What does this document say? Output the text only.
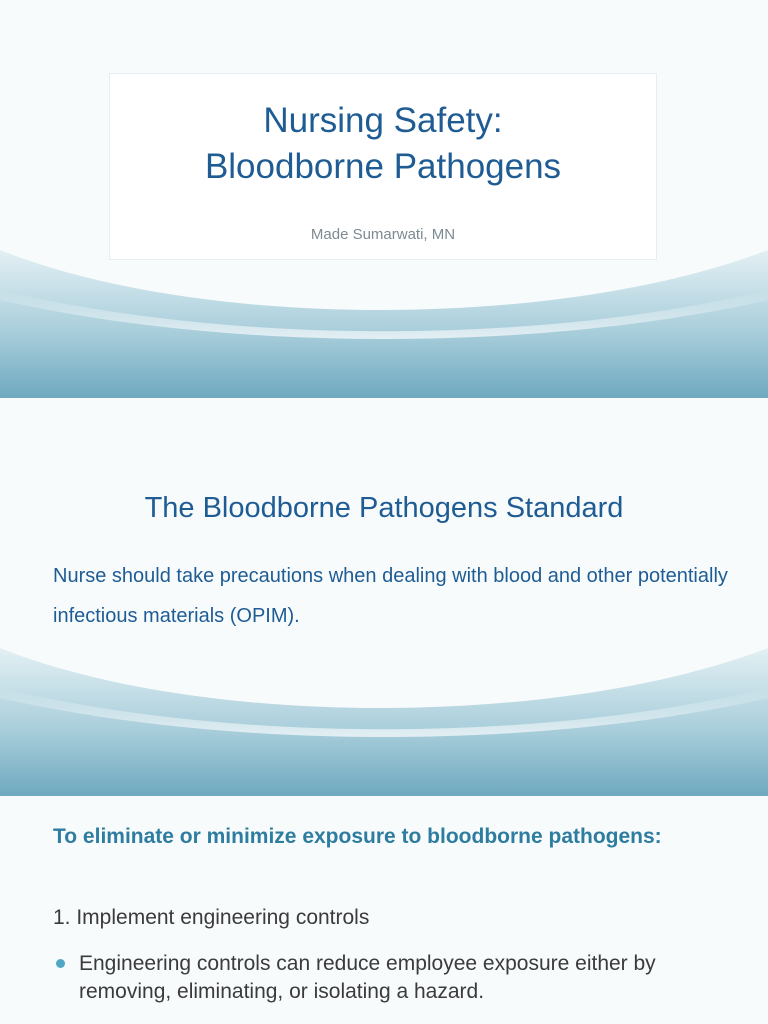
Nursing Safety:
Bloodborne Pathogens
Made Sumarwati, MN
The Bloodborne Pathogens Standard
Nurse should take precautions when dealing with blood and other potentially infectious materials (OPIM).
To eliminate or minimize exposure to bloodborne pathogens:
1. Implement engineering controls
Engineering controls can reduce employee exposure either by removing, eliminating, or isolating a hazard.
